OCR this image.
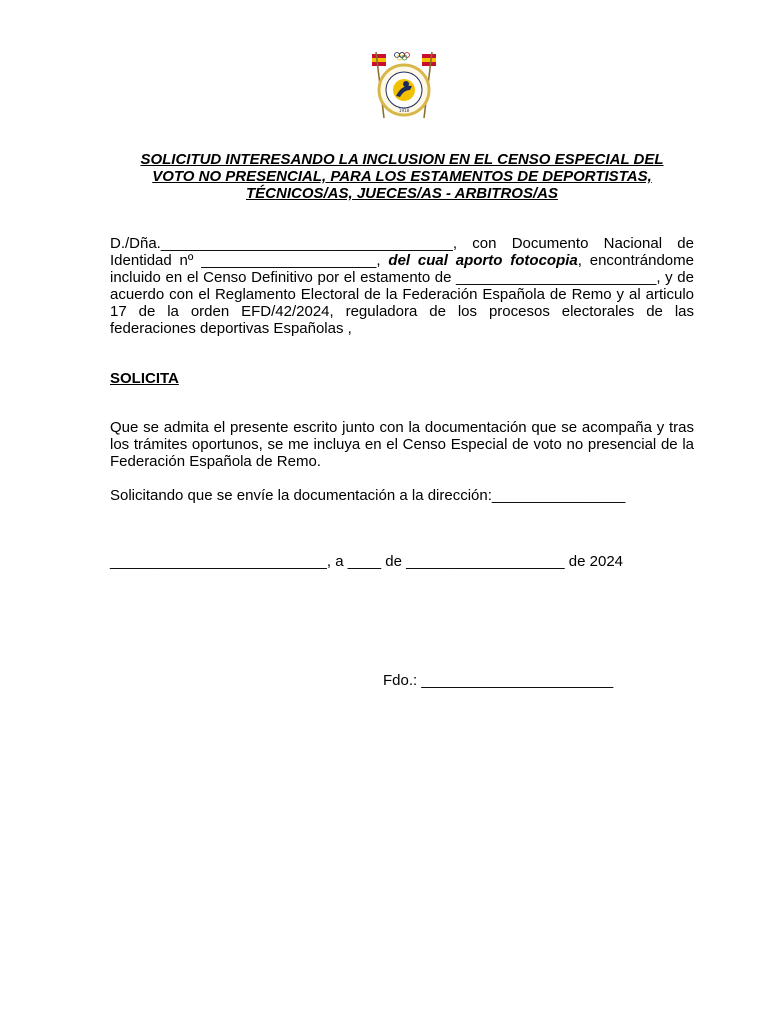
1918
SOLICITUD INTERESANDO LA INCLUSION EN EL CENSO ESPECIAL DEL
VOTO NO PRESENCIAL, PARA LOS ESTAMENTOS DE DEPORTISTAS,
TÉCNICOS/AS, JUECES/AS - ARBITROS/AS
D./Dña.___________________________________, con Documento Nacional de Identidad nº _____________________, del cual aporto fotocopia, encontrándome incluido en el Censo Definitivo por el estamento de ________________________, y de acuerdo con el Reglamento Electoral de la Federación Española de Remo y al articulo 17 de la orden EFD/42/2024, reguladora de los procesos electorales de las federaciones deportivas Españolas ,
SOLICITA
Que se admita el presente escrito junto con la documentación que se acompaña y tras los trámites oportunos, se me incluya en el Censo Especial de voto no presencial de la Federación Española de Remo.
Solicitando que se envíe la documentación a la dirección:________________
__________________________, a ____ de ___________________ de 2024
Fdo.: _______________________
